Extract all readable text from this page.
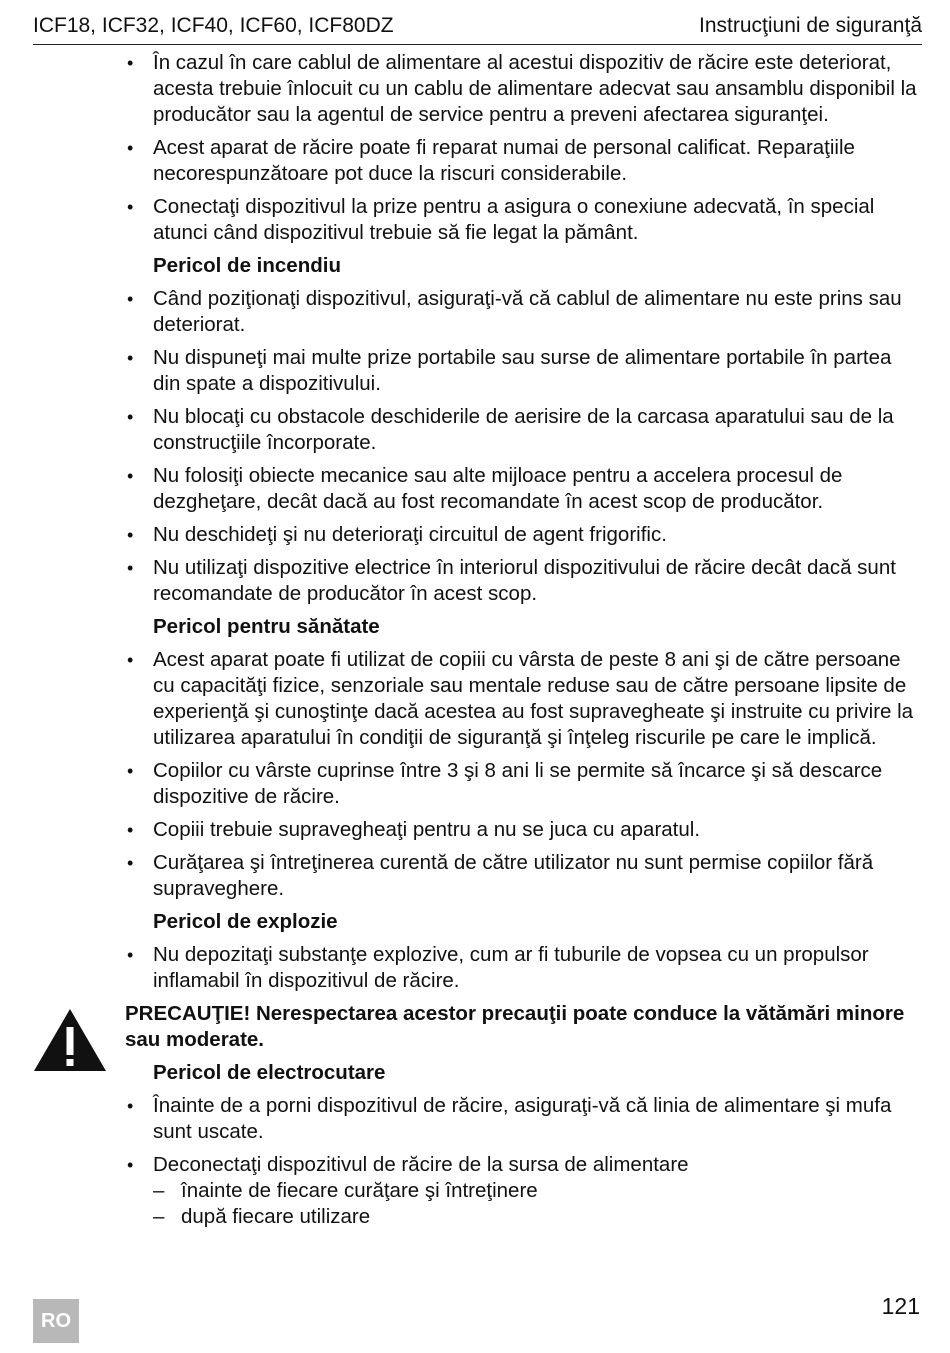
ICF18, ICF32, ICF40, ICF60, ICF80DZ	Instrucţiuni de siguranţă
• În cazul în care cablul de alimentare al acestui dispozitiv de răcire este deteriorat, acesta trebuie înlocuit cu un cablu de alimentare adecvat sau ansamblu disponibil la producător sau la agentul de service pentru a preveni afectarea siguranţei.
• Acest aparat de răcire poate fi reparat numai de personal calificat. Reparaţiile necorespunzătoare pot duce la riscuri considerabile.
• Conectaţi dispozitivul la prize pentru a asigura o conexiune adecvată, în special atunci când dispozitivul trebuie să fie legat la pământ.
Pericol de incendiu
• Când poziţionaţi dispozitivul, asiguraţi-vă că cablul de alimentare nu este prins sau deteriorat.
• Nu dispuneţi mai multe prize portabile sau surse de alimentare portabile în partea din spate a dispozitivului.
• Nu blocaţi cu obstacole deschiderile de aerisire de la carcasa aparatului sau de la construcţiile încorporate.
• Nu folosiţi obiecte mecanice sau alte mijloace pentru a accelera procesul de dezgheţare, decât dacă au fost recomandate în acest scop de producător.
• Nu deschideţi şi nu deterioraţi circuitul de agent frigorific.
• Nu utilizaţi dispozitive electrice în interiorul dispozitivului de răcire decât dacă sunt recomandate de producător în acest scop.
Pericol pentru sănătate
• Acest aparat poate fi utilizat de copiii cu vârsta de peste 8 ani şi de către persoane cu capacităţi fizice, senzoriale sau mentale reduse sau de către persoane lipsite de experienţă şi cunoştinţe dacă acestea au fost supravegheate şi instruite cu privire la utilizarea aparatului în condiţii de siguranţă şi înţeleg riscurile pe care le implică.
• Copiilor cu vârste cuprinse între 3 şi 8 ani li se permite să încarce şi să descarce dispozitive de răcire.
• Copiii trebuie supravegheaţi pentru a nu se juca cu aparatul.
• Curăţarea şi întreţinerea curentă de către utilizator nu sunt permise copiilor fără supraveghere.
Pericol de explozie
• Nu depozitaţi substanţe explozive, cum ar fi tuburile de vopsea cu un propulsor inflamabil în dispozitivul de răcire.
PRECAUŢIE! Nerespectarea acestor precauţii poate conduce la vătămări minore sau moderate.
Pericol de electrocutare
• Înainte de a porni dispozitivul de răcire, asiguraţi-vă că linia de alimentare şi mufa sunt uscate.
• Deconectaţi dispozitivul de răcire de la sursa de alimentare
– înainte de fiecare curăţare şi întreţinere
– după fiecare utilizare
RO
121
